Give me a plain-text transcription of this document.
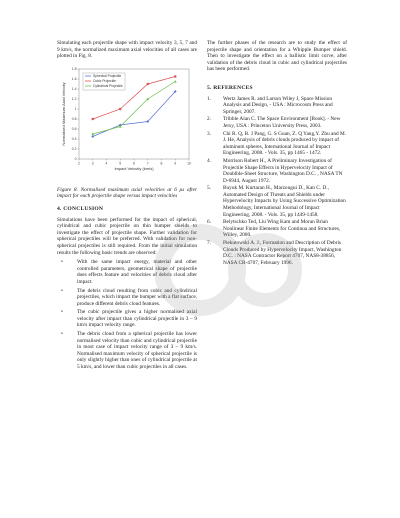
Simulating each projectile shape with impact velocity 3, 5, 7 and 9 km/s, the normalized maximum axial velocities of all cases are plotted in Fig. 8.

0
0.2
0.4
0.6
0.8
1
1.2
1.4
1.6
1.8
2	3	4	5	6	7	8	9	10
Impact Velocity (km/s)
Normalised Maximum Axial Velocity
Spherical Projectile
Cubic Projectile
Cylindrical Projectile

Figure 8. Normalised maximum axial velocities at 6 μs after impact for each projectile shape versus impact velocities

4. CONCLUSION

Simulations have been performed for the impact of spherical, cylindrical and cubic projectile on thin bumper shields to investigate the effect of projectile shape. Further validation for spherical projectiles will be preferred. With validation for non-spherical projectiles is still required. From the initial simulation results the following basic trends are observed:

• With the same impact energy, material and other controlled parameters, geometrical shape of projectile does effects feature and velocities of debris cloud after impact.
• The debris cloud resulting from cubic and cylindrical projectiles, which impact the bumper with a flat surface, produce different debris cloud features.
• The cubic projectile gives a higher normalised axial velocity after impact than cylindrical projectile in 3 – 9 km/s impact velocity range.
• The debris cloud from a spherical projectile has lower normalised velocity than cubic and cylindrical projectile in most case of impact velocity range of 3 – 9 km/s. Normalised maximum velocity of spherical projectile is only slightly higher than ones of cylindrical projectile at 5 km/s, and lower than cubic projectiles in all cases.

The further phases of the research are to study the effect of projectile shape and orientation for a Whipple Bumper shield. Then to investigate the effect on a ballistic limit curve, after validation of the debris cloud in cubic and cylindrical projectiles has been performed.

5. REFERENCES
1. Wertz James R. and Larson Wiley J, Space Mission Analysis and Design, - USA : Microcosm Press and Springer, 2007.
2. Tribble Alan C. The Space Environment [Book]. - New Jersy, USA : Princeton University Press, 2003.
3. Chi R. Q, B. J Pang, G. S Guan, Z. Q Yang,Y. Zhu and M. J. He, Analysis of debris clouds produced by impact of aluminum spheres, International Journal of Impact Engineering, 2008. - Vols. 35, pp 1465 - 1472.
4. Morrison Robert H., A Preliminary Investigation of Projectile Shape Effects in Hypervelocity Impact of Doublble-Sheet Structure, Washington D.C. , NASA TN D-6944, August 1972.
5. Buyuk M. Kurtaran H., Marzougui D., Kan C. D., Automated Design of Threats and Shields under Hypervelocity Impacts by Using Successive Optimization Methodology, International Journal of Impact Engineering, 2008. - Vols. 35, pp 1449-1458.
6. Belytschko Ted, Liu Wing Kam and Moran Brian Nonlinear Finite Elements for Continua and Structures, Willey, 2000.
7. Piekutowski A. J., Formation and Description of Debris Clouds Produced by Hypervelocity Impact, Washington D.C. : NASA Contractor Report 4707, NAS8-38856, NASA CR-4707, February 1996.
